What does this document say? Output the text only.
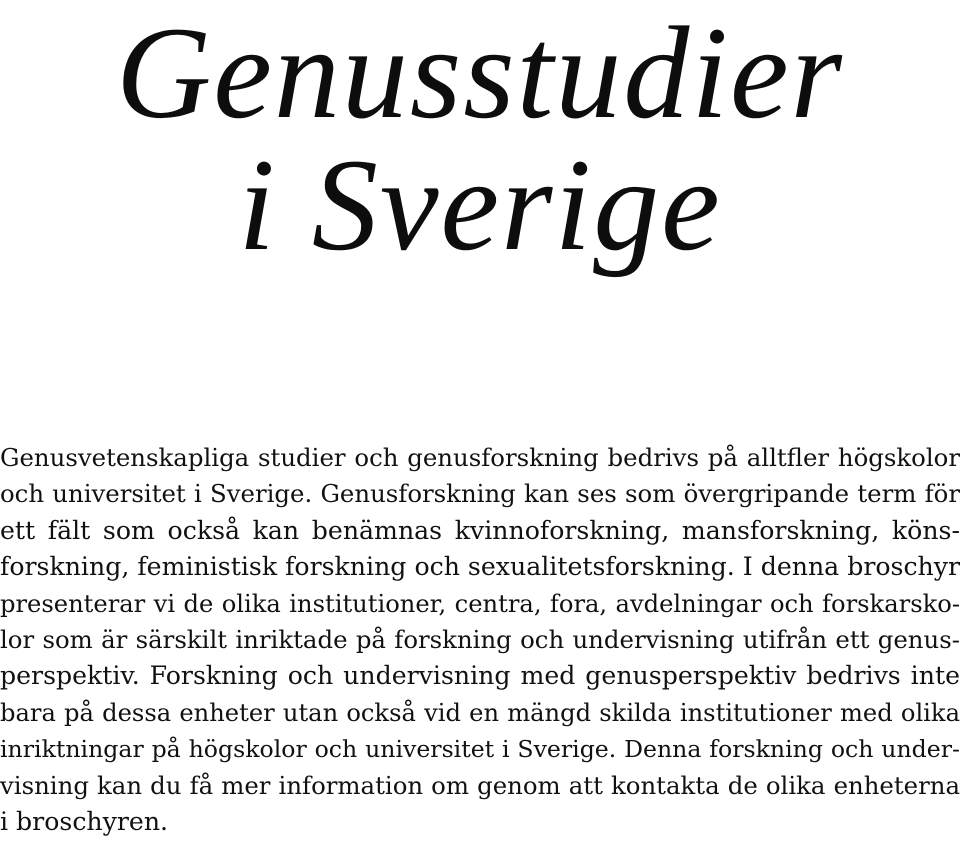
Genusstudier
i Sverige
Genusvetenskapliga studier och genusforskning bedrivs på alltfler högskolor
och universitet i Sverige. Genusforskning kan ses som övergripande term för
ett fält som också kan benämnas kvinnoforskning, mansforskning, köns-
forskning, feministisk forskning och sexualitetsforskning. I denna broschyr
presenterar vi de olika institutioner, centra, fora, avdelningar och forskarsko-
lor som är särskilt inriktade på forskning och undervisning utifrån ett genus-
perspektiv. Forskning och undervisning med genusperspektiv bedrivs inte
bara på dessa enheter utan också vid en mängd skilda institutioner med olika
inriktningar på högskolor och universitet i Sverige. Denna forskning och under-
visning kan du få mer information om genom att kontakta de olika enheterna
i broschyren.
